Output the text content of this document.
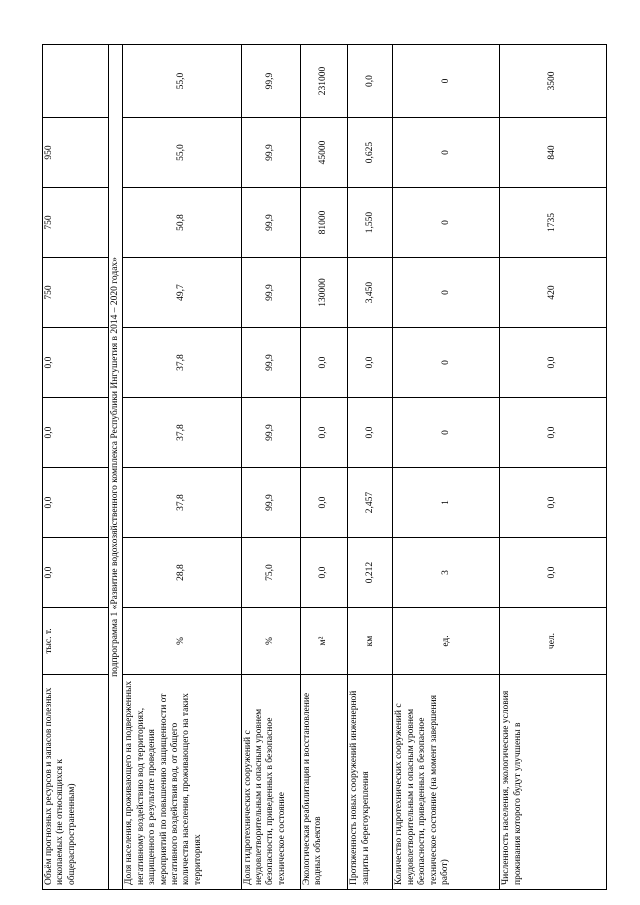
Объём прогнозных ресурсов и запасов полезных ископаемых (не относящихся к общераспространенным)	тыс. т.	0,0	0,0	0,0	0,0	750	750	950	
подпрограмма 1 «Развитие водохозяйственного комплекса Республики Ингушетия в 2014 – 2020 годах»									
Доля населения, проживающего на подверженных негативному воздействию вод территориях, защищенного в результате проведения мероприятий по повышению защищенности от негативного воздействия вод, от общего количества населения, проживающего на таких территориях	%	28,8	37,8	37,8	37,8	49,7	50,8	55,0	55,0
Доля гидротехнических сооружений с неудовлетворительным и опасным уровнем безопасности, приведенных в безопасное техническое состояние	%	75,0	99,9	99,9	99,9	99,9	99,9	99,9	99,9
Экологическая реабилитация и восстановление водных объектов	м²	0,0	0,0	0,0	0,0	130000	81000	45000	231000
Протяженность новых сооружений инженерной защиты и берегоукрепления	км	0,212	2,457	0,0	0,0	3,450	1,550	0,625	0,0
Количество гидротехнических сооружений с неудовлетворительным и опасным уровнем безопасности, приведенных в безопасное техническое состояние (на момент завершения работ)	ед.	3	1	0	0	0	0	0	0
Численность населения, экологические условия проживания которого будут улучшены в	чел.	0,0	0,0	0,0	0,0	420	1735	840	3500
